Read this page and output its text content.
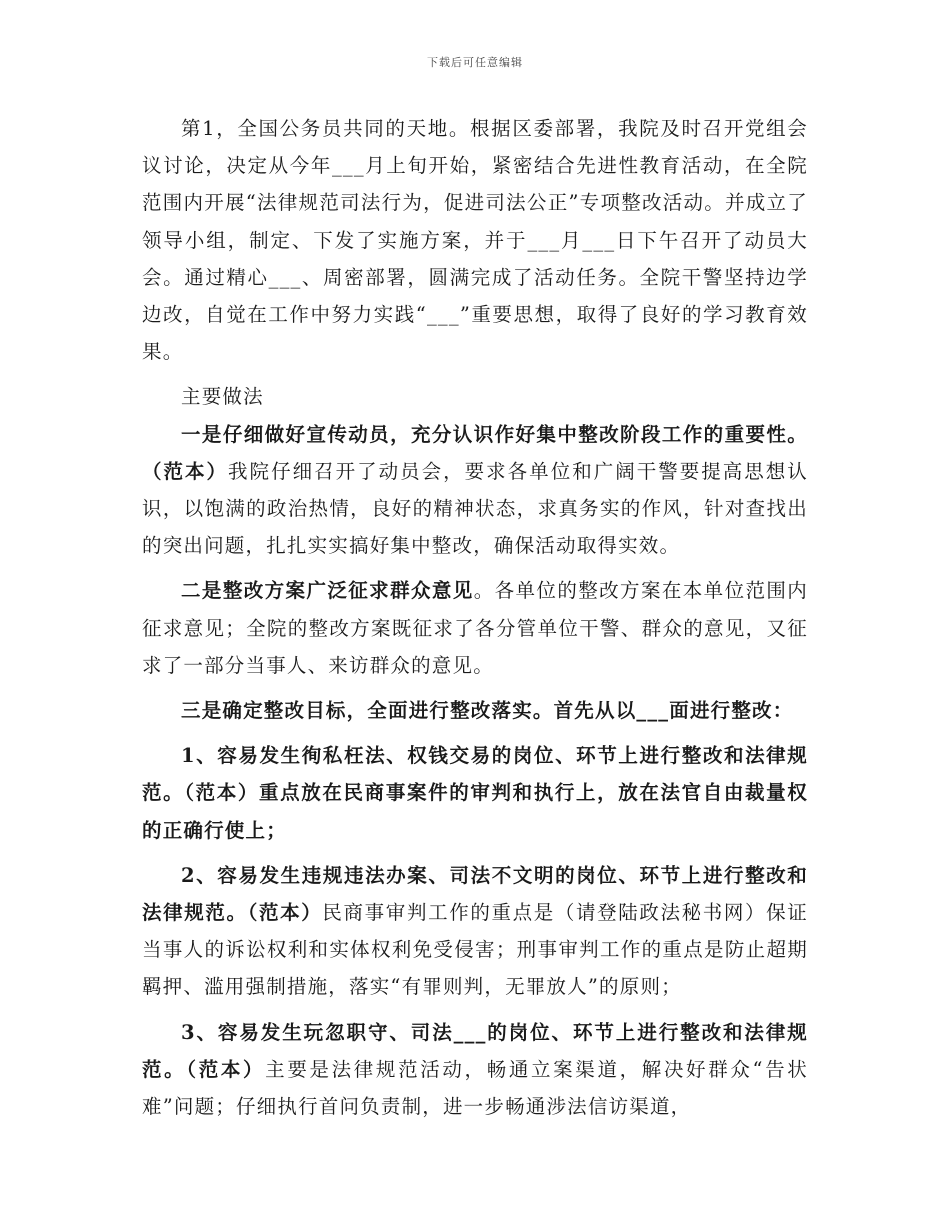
下载后可任意编辑

第1，全国公务员共同的天地。根据区委部署，我院及时召开党组会议讨论，决定从今年___月上旬开始，紧密结合先进性教育活动，在全院范围内开展“法律规范司法行为，促进司法公正”专项整改活动。并成立了领导小组，制定、下发了实施方案，并于___月___日下午召开了动员大会。通过精心___、周密部署，圆满完成了活动任务。全院干警坚持边学边改，自觉在工作中努力实践“___”重要思想，取得了良好的学习教育效果。

主要做法

一是仔细做好宣传动员，充分认识作好集中整改阶段工作的重要性。（范本）我院仔细召开了动员会，要求各单位和广阔干警要提高思想认识，以饱满的政治热情，良好的精神状态，求真务实的作风，针对查找出的突出问题，扎扎实实搞好集中整改，确保活动取得实效。

二是整改方案广泛征求群众意见。各单位的整改方案在本单位范围内征求意见；全院的整改方案既征求了各分管单位干警、群众的意见，又征求了一部分当事人、来访群众的意见。

三是确定整改目标，全面进行整改落实。首先从以___面进行整改：

1、容易发生徇私枉法、权钱交易的岗位、环节上进行整改和法律规范。（范本）重点放在民商事案件的审判和执行上，放在法官自由裁量权的正确行使上；

2、容易发生违规违法办案、司法不文明的岗位、环节上进行整改和法律规范。（范本）民商事审判工作的重点是（请登陆政法秘书网）保证当事人的诉讼权利和实体权利免受侵害；刑事审判工作的重点是防止超期羁押、滥用强制措施，落实“有罪则判，无罪放人”的原则；

3、容易发生玩忽职守、司法___的岗位、环节上进行整改和法律规范。（范本）主要是法律规范活动，畅通立案渠道，解决好群众“告状难”问题；仔细执行首问负责制，进一步畅通涉法信访渠道，
